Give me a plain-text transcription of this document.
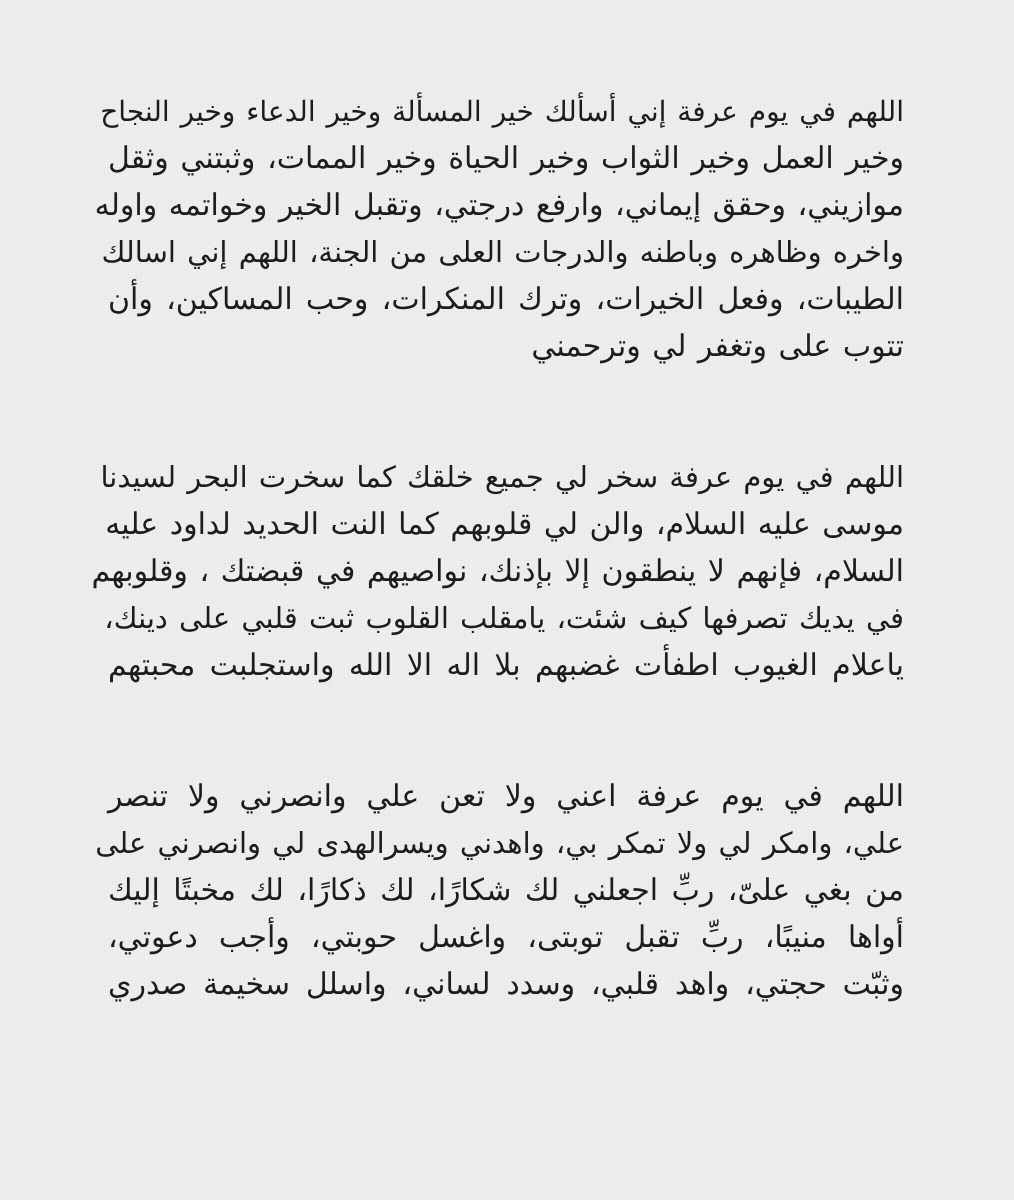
اللهم في يوم عرفة إني أسألك خير المسألة وخير الدعاء وخير النجاح
وخير العمل وخير الثواب وخير الحياة وخير الممات، وثبتني وثقل
موازيني، وحقق إيماني، وارفع درجتي، وتقبل الخير وخواتمه واوله
واخره وظاهره وباطنه والدرجات العلى من الجنة، اللهم إني اسالك
الطيبات، وفعل الخيرات، وترك المنكرات، وحب المساكين، وأن
تتوب على وتغفر لي وترحمني

اللهم في يوم عرفة سخر لي جميع خلقك كما سخرت البحر لسيدنا
موسى عليه السلام، والن لي قلوبهم كما النت الحديد لداود عليه
السلام، فإنهم لا ينطقون إلا بإذنك، نواصيهم في قبضتك ، وقلوبهم
في يديك تصرفها كيف شئت، يامقلب القلوب ثبت قلبي على دينك،
ياعلام الغيوب اطفأت غضبهم بلا اله الا الله واستجلبت محبتهم

اللهم في يوم عرفة اعني ولا تعن علي وانصرني ولا تنصر
علي، وامكر لي ولا تمكر بي، واهدني ويسرالهدى لي وانصرني على
من بغي علىّ، ربِّ اجعلني لك شكارًا، لك ذكارًا، لك مخبتًا إليك
أواها منيبًا، ربِّ تقبل توبتى، واغسل حوبتي، وأجب دعوتي،
وثبّت حجتي، واهد قلبي، وسدد لساني، واسلل سخيمة صدري
